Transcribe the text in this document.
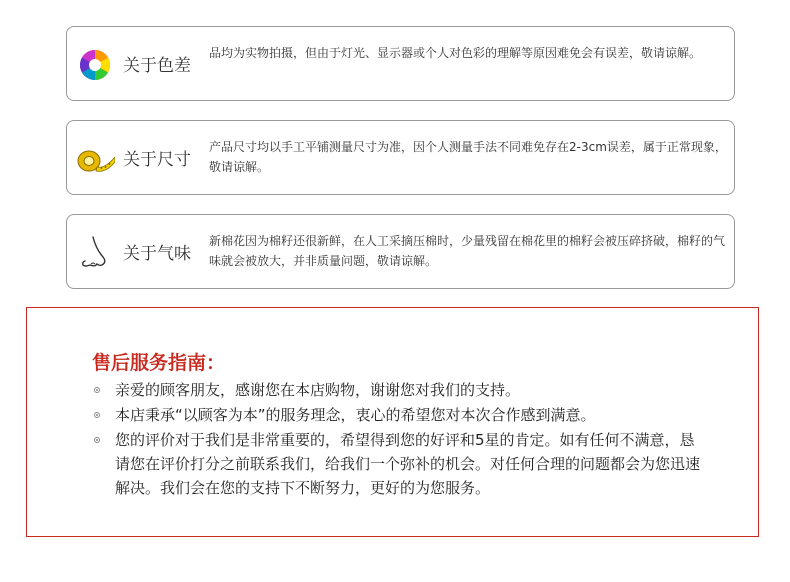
关于色差
品均为实物拍摄，但由于灯光、显示器或个人对色彩的理解等原因难免会有误差，敬请谅解。
关于尺寸
产品尺寸均以手工平铺测量尺寸为准，因个人测量手法不同难免存在2-3cm误差，属于正常现象，敬请谅解。
关于气味
新棉花因为棉籽还很新鲜，在人工采摘压棉时，少量残留在棉花里的棉籽会被压碎挤破，棉籽的气味就会被放大，并非质量问题，敬请谅解。
售后服务指南：
亲爱的顾客朋友，感谢您在本店购物，谢谢您对我们的支持。
本店秉承“以顾客为本”的服务理念，衷心的希望您对本次合作感到满意。
您的评价对于我们是非常重要的，希望得到您的好评和5星的肯定。如有任何不满意，恳请您在评价打分之前联系我们，给我们一个弥补的机会。对任何合理的问题都会为您迅速解决。我们会在您的支持下不断努力，更好的为您服务。
